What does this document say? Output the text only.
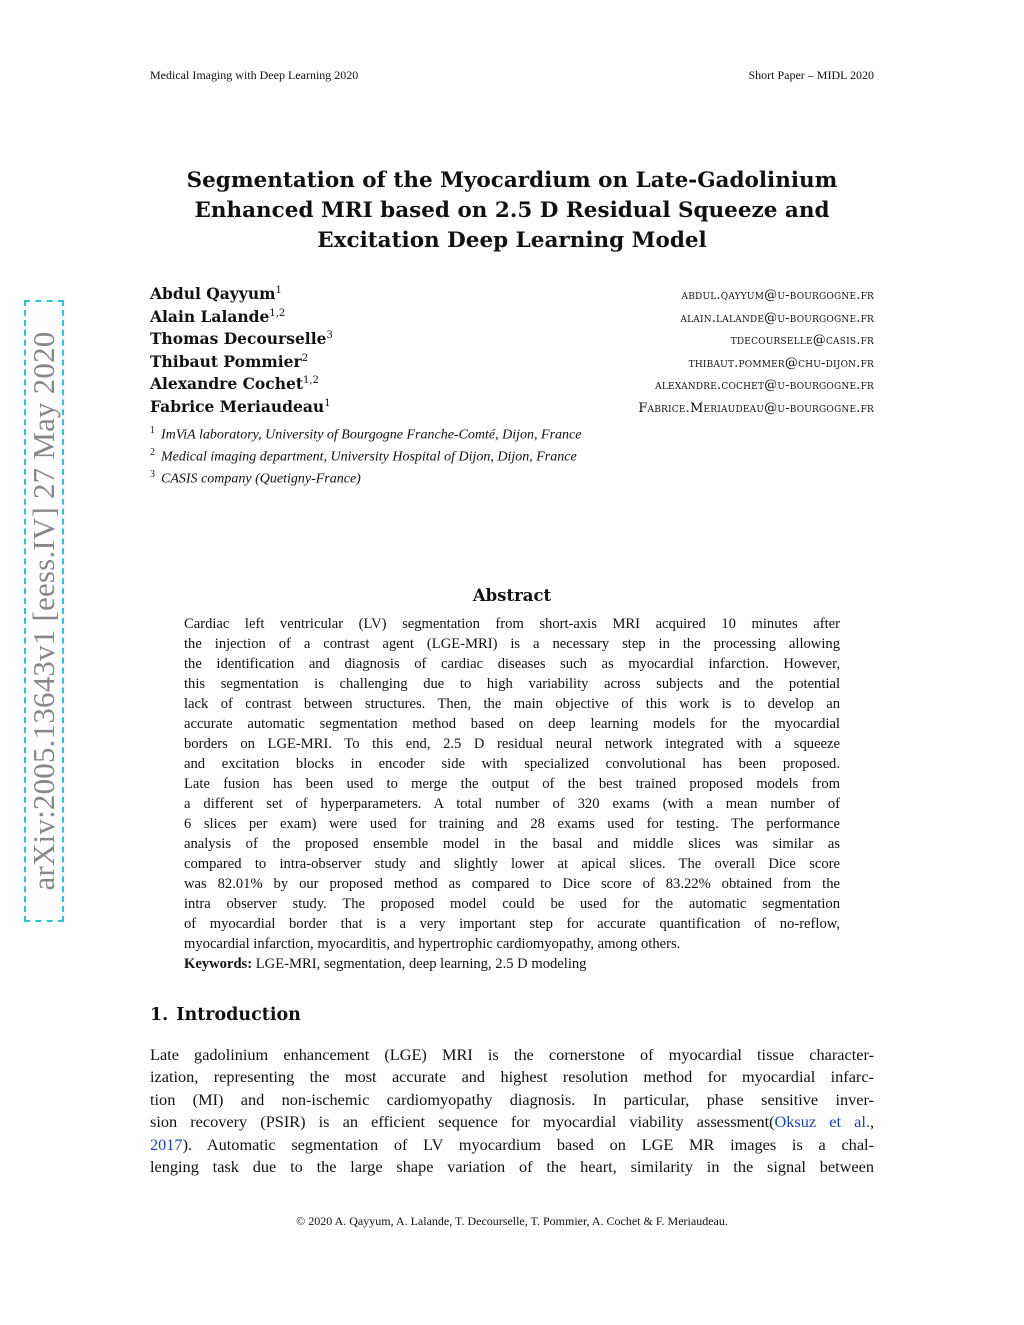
Medical Imaging with Deep Learning 2020	Short Paper – MIDL 2020
arXiv:2005.13643v1 [eess.IV] 27 May 2020
Segmentation of the Myocardium on Late-Gadolinium
Enhanced MRI based on 2.5 D Residual Squeeze and
Excitation Deep Learning Model
Abdul Qayyum$^1$	abdul.qayyum@u-bourgogne.fr
Alain Lalande$^{1,2}$	alain.lalande@u-bourgogne.fr
Thomas Decourselle$^3$	tdecourselle@casis.fr
Thibaut Pommier$^2$	thibaut.pommer@chu-dijon.fr
Alexandre Cochet$^{1,2}$	alexandre.cochet@u-bourgogne.fr
Fabrice Meriaudeau$^1$	Fabrice.Meriaudeau@u-bourgogne.fr
$^1$ ImViA laboratory, University of Bourgogne Franche-Comté, Dijon, France
$^2$ Medical imaging department, University Hospital of Dijon, Dijon, France
$^3$ CASIS company (Quetigny-France)
Abstract
Cardiac left ventricular (LV) segmentation from short-axis MRI acquired 10 minutes after
the injection of a contrast agent (LGE-MRI) is a necessary step in the processing allowing
the identification and diagnosis of cardiac diseases such as myocardial infarction. However,
this segmentation is challenging due to high variability across subjects and the potential
lack of contrast between structures. Then, the main objective of this work is to develop an
accurate automatic segmentation method based on deep learning models for the myocardial
borders on LGE-MRI. To this end, 2.5 D residual neural network integrated with a squeeze
and excitation blocks in encoder side with specialized convolutional has been proposed.
Late fusion has been used to merge the output of the best trained proposed models from
a different set of hyperparameters. A total number of 320 exams (with a mean number of
6 slices per exam) were used for training and 28 exams used for testing. The performance
analysis of the proposed ensemble model in the basal and middle slices was similar as
compared to intra-observer study and slightly lower at apical slices. The overall Dice score
was 82.01% by our proposed method as compared to Dice score of 83.22% obtained from the
intra observer study. The proposed model could be used for the automatic segmentation
of myocardial border that is a very important step for accurate quantification of no-reflow,
myocardial infarction, myocarditis, and hypertrophic cardiomyopathy, among others.
Keywords: LGE-MRI, segmentation, deep learning, 2.5 D modeling
1. Introduction
Late gadolinium enhancement (LGE) MRI is the cornerstone of myocardial tissue character-
ization, representing the most accurate and highest resolution method for myocardial infarc-
tion (MI) and non-ischemic cardiomyopathy diagnosis. In particular, phase sensitive inver-
sion recovery (PSIR) is an efficient sequence for myocardial viability assessment(Oksuz et al.,
2017). Automatic segmentation of LV myocardium based on LGE MR images is a chal-
lenging task due to the large shape variation of the heart, similarity in the signal between
© 2020 A. Qayyum, A. Lalande, T. Decourselle, T. Pommier, A. Cochet & F. Meriaudeau.
